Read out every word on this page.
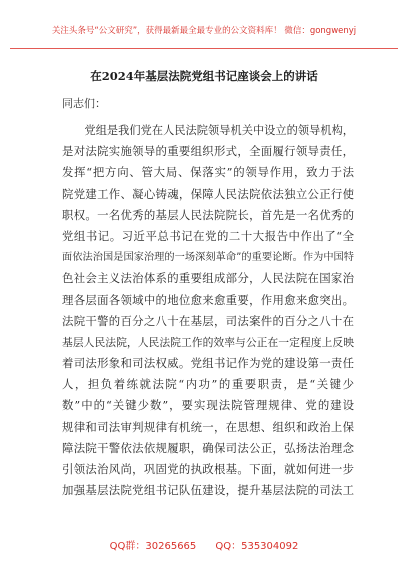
关注头条号“公文研究”，获得最新最全最专业的公文资料库！ 微信：gongwenyj
在2024年基层法院党组书记座谈会上的讲话
同志们：
　　党组是我们党在人民法院领导机关中设立的领导机构，
是对法院实施领导的重要组织形式，全面履行领导责任，
发挥“把方向、管大局、保落实”的领导作用，致力于法
院党建工作、凝心铸魂，保障人民法院依法独立公正行使
职权。一名优秀的基层人民法院院长，首先是一名优秀的
党组书记。习近平总书记在党的二十大报告中作出了“全
面依法治国是国家治理的一场深刻革命”的重要论断。作为中国特
色社会主义法治体系的重要组成部分，人民法院在国家治
理各层面各领域中的地位愈来愈重要，作用愈来愈突出。
法院干警的百分之八十在基层，司法案件的百分之八十在
基层人民法院，人民法院工作的效率与公正在一定程度上反映
着司法形象和司法权威。党组书记作为党的建设第一责任
人，担负着练就法院“内功”的重要职责，是“关键少
数”中的“关键少数”，要实现法院管理规律、党的建设
规律和司法审判规律有机统一，在思想、组织和政治上保
障法院干警依法依规履职，确保司法公正，弘扬法治理念
引领法治风尚，巩固党的执政根基。下面，就如何进一步
加强基层法院党组书记队伍建设，提升基层法院的司法工
QQ群：30265665      QQ：535304092
